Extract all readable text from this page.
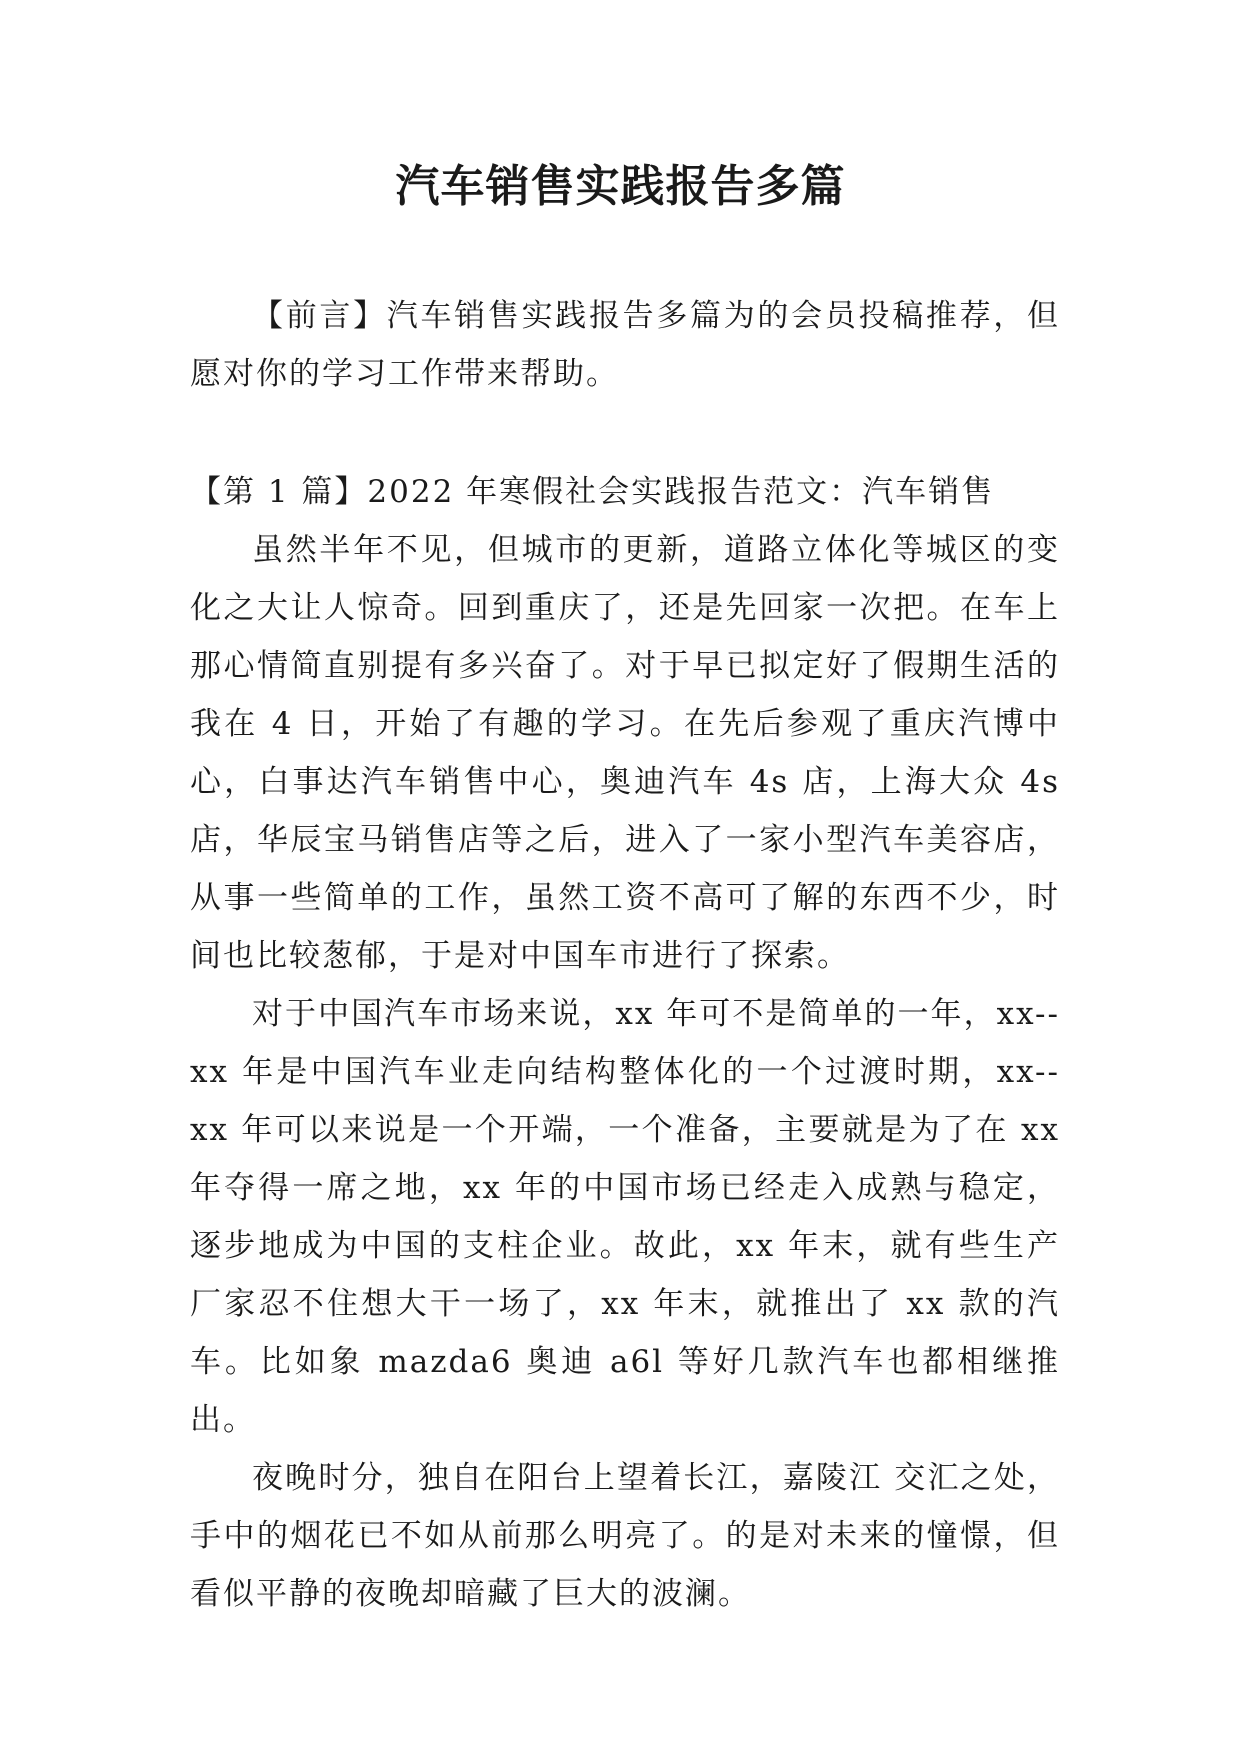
汽车销售实践报告多篇

【前言】汽车销售实践报告多篇为的会员投稿推荐，但愿对你的学习工作带来帮助。

【第 1 篇】2022 年寒假社会实践报告范文：汽车销售

虽然半年不见，但城市的更新，道路立体化等城区的变化之大让人惊奇。回到重庆了，还是先回家一次把。在车上那心情简直别提有多兴奋了。对于早已拟定好了假期生活的我在 4 日，开始了有趣的学习。在先后参观了重庆汽博中心，白事达汽车销售中心，奥迪汽车 4s 店，上海大众 4s 店，华辰宝马销售店等之后，进入了一家小型汽车美容店，从事一些简单的工作，虽然工资不高可了解的东西不少，时间也比较葱郁，于是对中国车市进行了探索。

对于中国汽车市场来说，xx 年可不是简单的一年，xx--xx 年是中国汽车业走向结构整体化的一个过渡时期，xx--xx 年可以来说是一个开端，一个准备，主要就是为了在 xx 年夺得一席之地，xx 年的中国市场已经走入成熟与稳定，逐步地成为中国的支柱企业。故此，xx 年末，就有些生产厂家忍不住想大干一场了，xx 年末，就推出了 xx 款的汽车。比如象 mazda6 奥迪 a6l 等好几款汽车也都相继推出。

夜晚时分，独自在阳台上望着长江，嘉陵江 交汇之处，手中的烟花已不如从前那么明亮了。的是对未来的憧憬，但看似平静的夜晚却暗藏了巨大的波澜。
